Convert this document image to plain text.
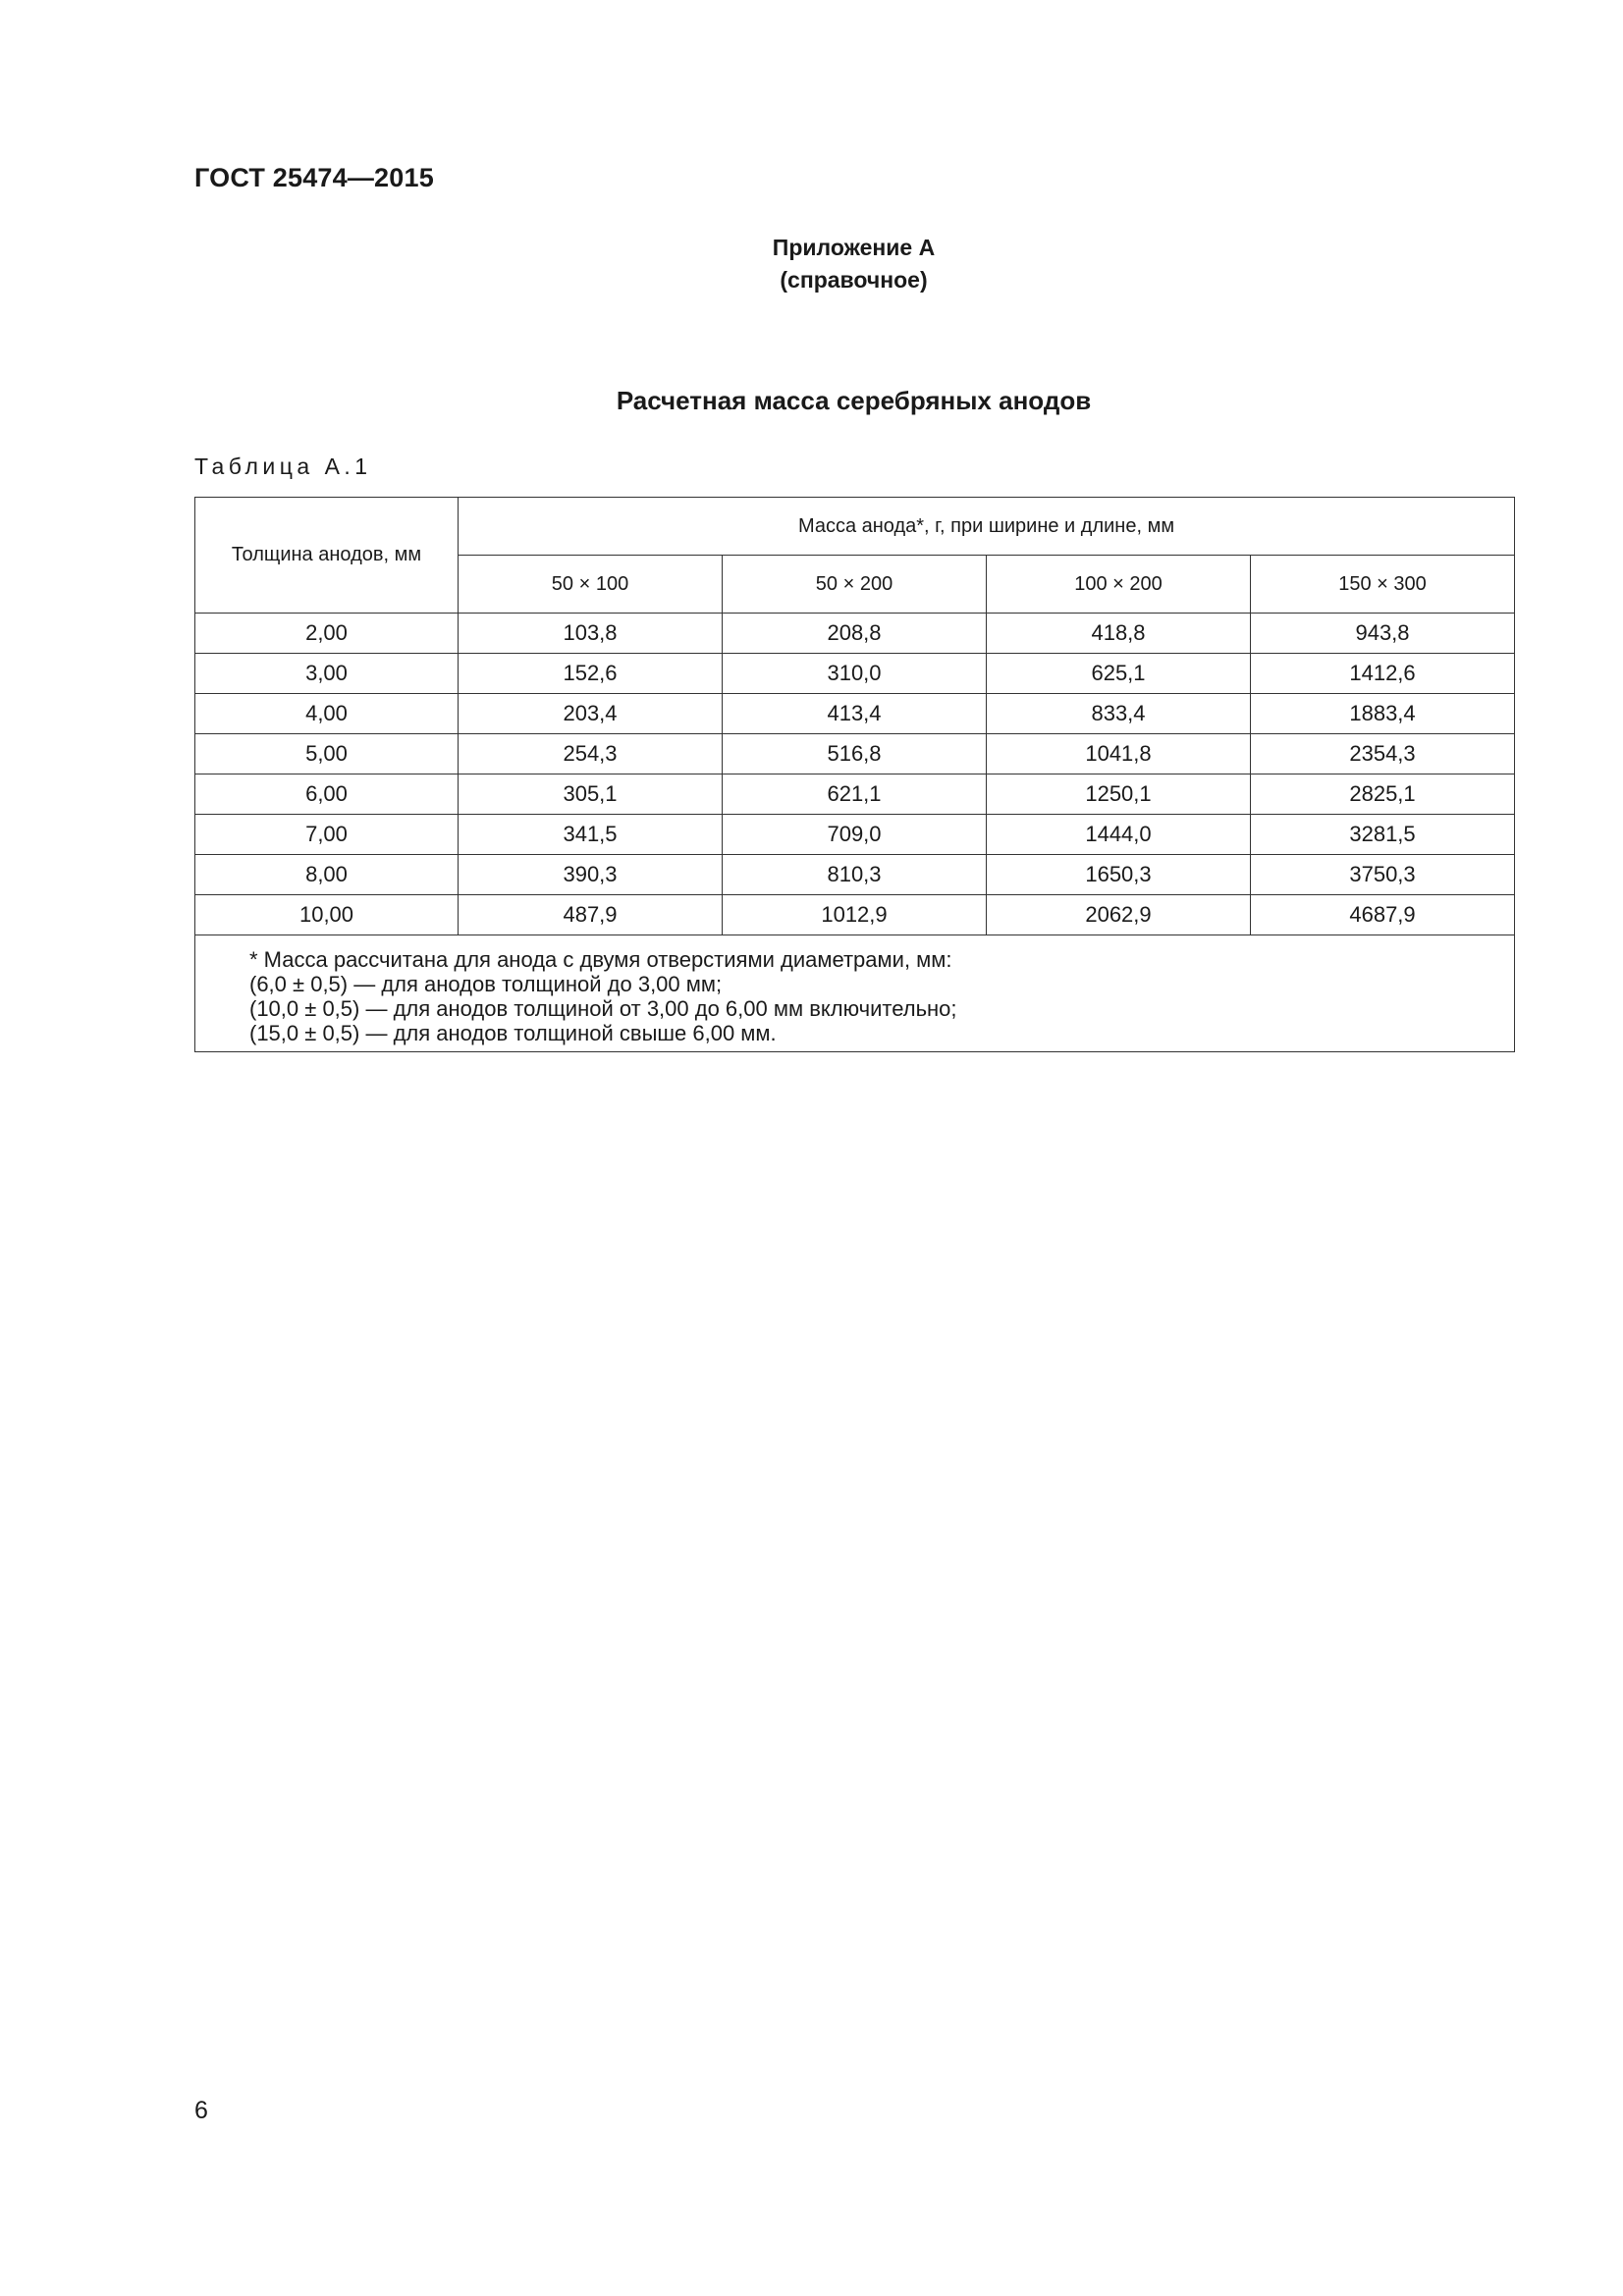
ГОСТ 25474—2015
Приложение А
(справочное)
Расчетная масса серебряных анодов
Таблица А.1
Толщина анодов, мм	Масса анода*, г, при ширине и длине, мм			
	50 × 100	50 × 200	100 × 200	150 × 300
2,00	103,8	208,8	418,8	943,8
3,00	152,6	310,0	625,1	1412,6
4,00	203,4	413,4	833,4	1883,4
5,00	254,3	516,8	1041,8	2354,3
6,00	305,1	621,1	1250,1	2825,1
7,00	341,5	709,0	1444,0	3281,5
8,00	390,3	810,3	1650,3	3750,3
10,00	487,9	1012,9	2062,9	4687,9

* Масса рассчитана для анода с двумя отверстиями диаметрами, мм:
(6,0 ± 0,5) — для анодов толщиной до 3,00 мм;
(10,0 ± 0,5) — для анодов толщиной от 3,00 до 6,00 мм включительно;
(15,0 ± 0,5) — для анодов толщиной свыше 6,00 мм.				
6
